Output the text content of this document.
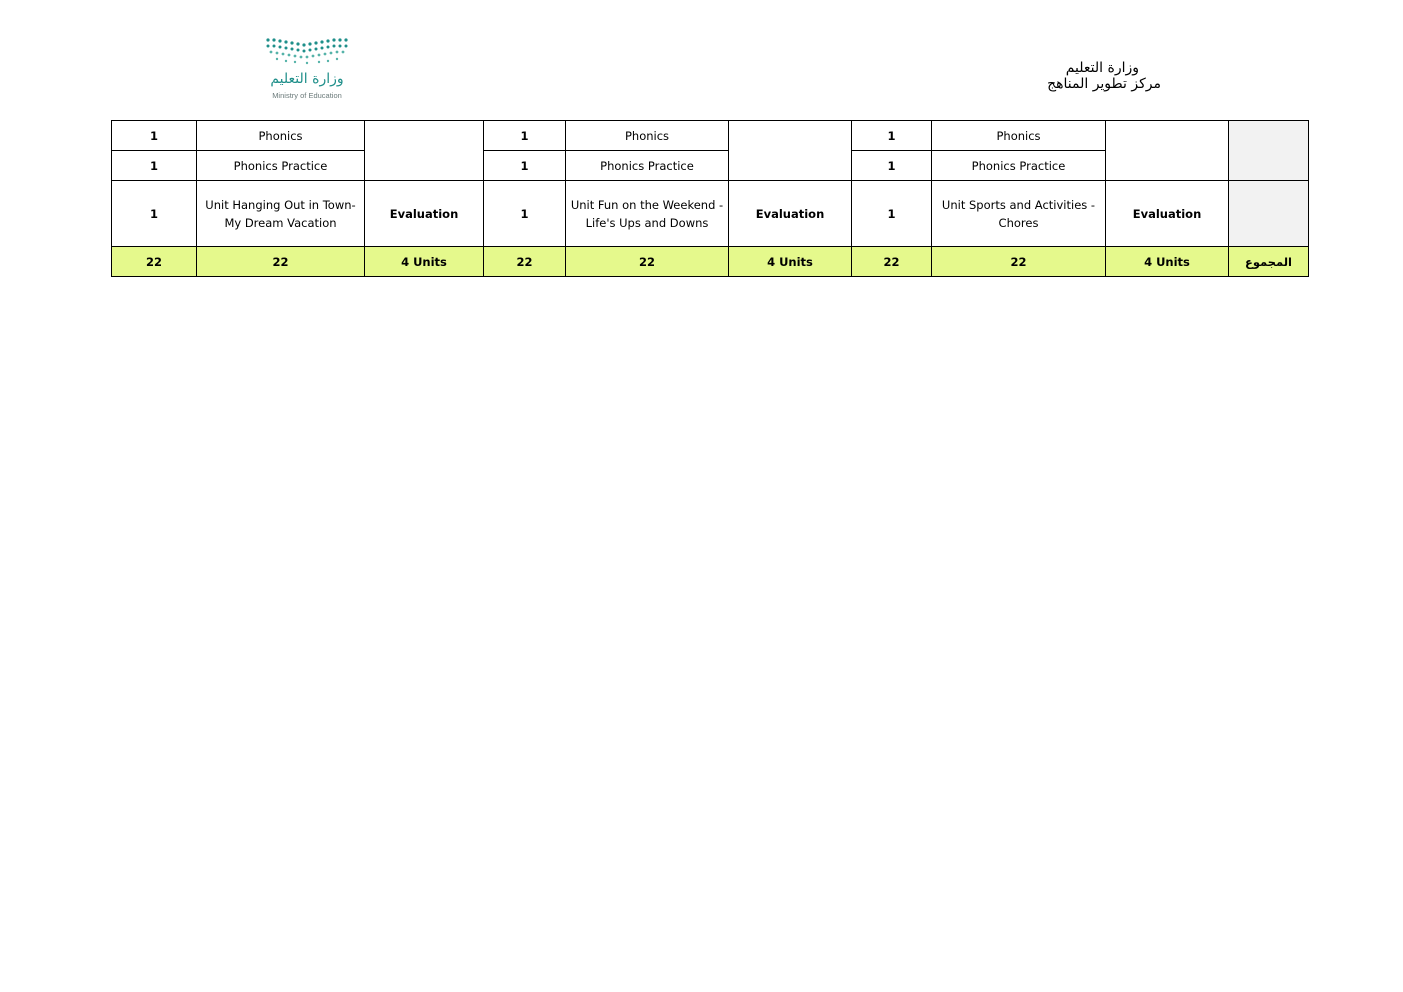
وزارة التعليم
Ministry of Education
وزارة التعليم
مركز تطوير المناهج
1	Phonics		1	Phonics		1	Phonics		
1	Phonics Practice		1	Phonics Practice		1	Phonics Practice		
1	Unit Hanging Out in Town- My Dream Vacation	Evaluation	1	Unit Fun on the Weekend - Life's Ups and Downs	Evaluation	1	Unit Sports and Activities - Chores	Evaluation	
22	22	4 Units	22	22	4 Units	22	22	4 Units	المجموع
